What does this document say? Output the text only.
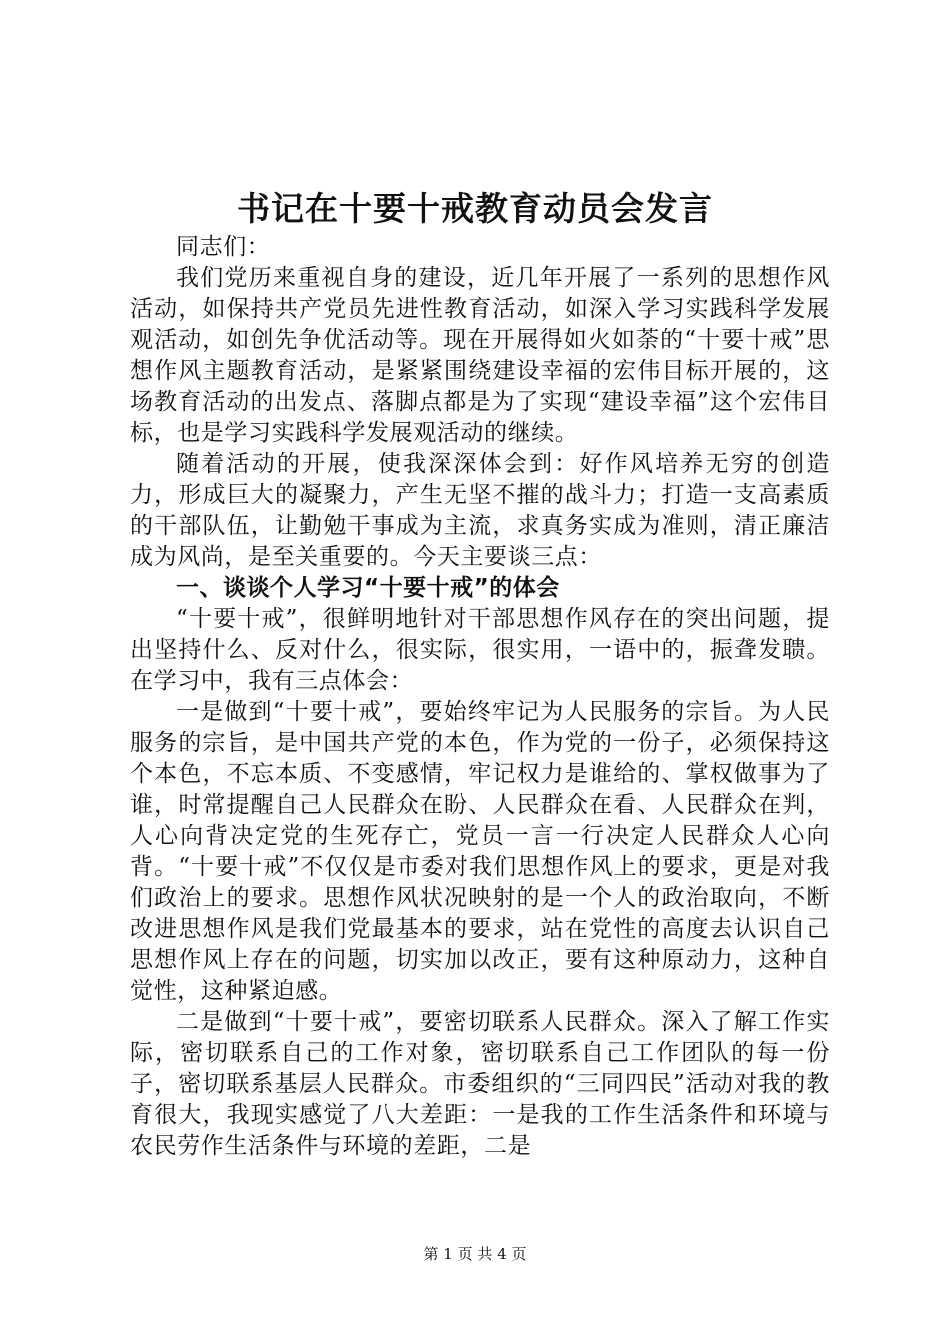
书记在十要十戒教育动员会发言

同志们：

我们党历来重视自身的建设，近几年开展了一系列的思想作风活动，如保持共产党员先进性教育活动，如深入学习实践科学发展观活动，如创先争优活动等。现在开展得如火如荼的“十要十戒”思想作风主题教育活动，是紧紧围绕建设幸福的宏伟目标开展的，这场教育活动的出发点、落脚点都是为了实现“建设幸福”这个宏伟目标，也是学习实践科学发展观活动的继续。

随着活动的开展，使我深深体会到：好作风培养无穷的创造力，形成巨大的凝聚力，产生无坚不摧的战斗力；打造一支高素质的干部队伍，让勤勉干事成为主流，求真务实成为准则，清正廉洁成为风尚，是至关重要的。今天主要谈三点：

一、谈谈个人学习“十要十戒”的体会

“十要十戒”，很鲜明地针对干部思想作风存在的突出问题，提出坚持什么、反对什么，很实际，很实用，一语中的，振聋发聩。在学习中，我有三点体会：

一是做到“十要十戒”，要始终牢记为人民服务的宗旨。为人民服务的宗旨，是中国共产党的本色，作为党的一份子，必须保持这个本色，不忘本质、不变感情，牢记权力是谁给的、掌权做事为了谁，时常提醒自己人民群众在盼、人民群众在看、人民群众在判，人心向背决定党的生死存亡，党员一言一行决定人民群众人心向背。“十要十戒”不仅仅是市委对我们思想作风上的要求，更是对我们政治上的要求。思想作风状况映射的是一个人的政治取向，不断改进思想作风是我们党最基本的要求，站在党性的高度去认识自己思想作风上存在的问题，切实加以改正，要有这种原动力，这种自觉性，这种紧迫感。

二是做到“十要十戒”，要密切联系人民群众。深入了解工作实际，密切联系自己的工作对象，密切联系自己工作团队的每一份子，密切联系基层人民群众。市委组织的“三同四民”活动对我的教育很大，我现实感觉了八大差距：一是我的工作生活条件和环境与农民劳作生活条件与环境的差距，二是

第 1 页 共 4 页
